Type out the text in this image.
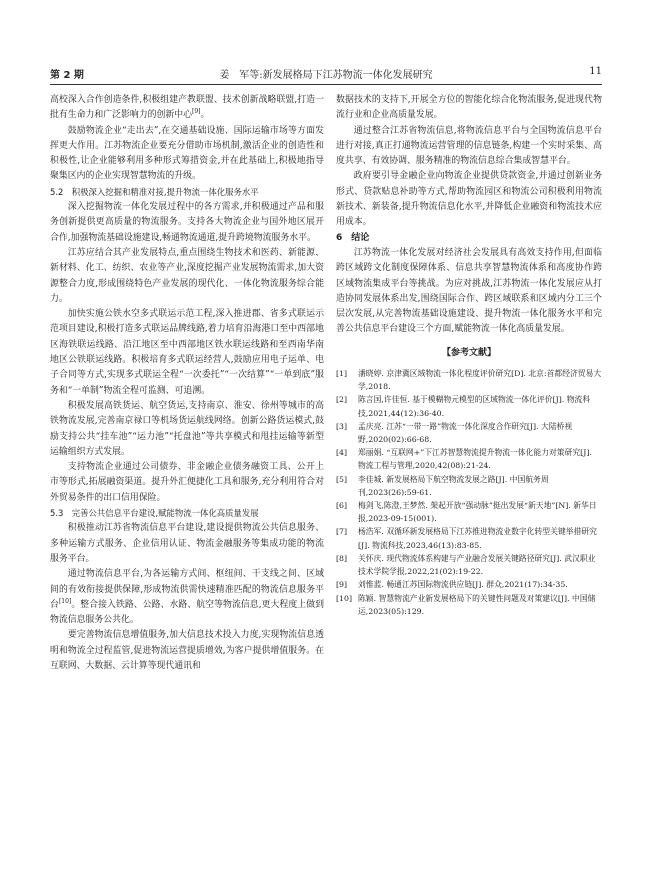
第 2 期	姜　军等:新发展格局下江苏物流一体化发展研究	11

高校深入合作创造条件,积极组建产教联盟、技术创新战略联盟,打造一批有生命力和广泛影响力的创新中心[9]。

鼓励物流企业“走出去”,在交通基础设施、国际运输市场等方面发挥更大作用。江苏物流企业要充分借助市场机制,激活企业的创造性和积极性,让企业能够利用多种形式筹措资金,并在此基础上,积极地指导聚集区内的企业实现智慧物流的升级。

5.2　积极深入挖掘和精准对接,提升物流一体化服务水平

深入挖掘物流一体化发展过程中的各方需求,并积极通过产品和服务创新提供更高质量的物流服务。支持各大物流企业与国外地区展开合作,加强物流基础设施建设,畅通物流通道,提升跨境物流服务水平。

江苏应结合其产业发展特点,重点围绕生物技术和医药、新能源、新材料、化工、纺织、农业等产业,深度挖掘产业发展物流需求,加大资源整合力度,形成围绕特色产业发展的现代化、一体化物流服务综合能力。

加快实施公铁水空多式联运示范工程,深入推进郡、省多式联运示范项目建设,积极打造多式联运品牌线路,着力培育沿海港口至中西部地区海铁联运线路、沿江地区至中西部地区铁水联运线路和至西南华南地区公铁联运线路。积极培育多式联运经营人,鼓励应用电子运单、电子合同等方式,实现多式联运全程“一次委托”“一次结算”“一单到底”服务和“一单制”物流全程可监测、可追溯。

积极发展高铁货运、航空货运,支持南京、淮安、徐州等城市的高铁物流发展,完善南京禄口等机场货运航线网络。创新公路货运模式,鼓励支持公共“挂车池”“运力池”“托盘池”等共享模式和甩挂运输等新型运输组织方式发展。

支持物流企业通过公司债券、非金融企业债务融资工具、公开上市等形式,拓展融资渠道。提升外汇便捷化工具和服务,充分利用符合对外贸易条件的出口信用保险。

5.3　完善公共信息平台建设,赋能物流一体化高质量发展

积极推动江苏省物流信息平台建设,建设提供物流公共信息服务、多种运输方式服务、企业信用认证、物流金融服务等集成功能的物流服务平台。

通过物流信息平台,为各运输方式间、枢纽间、干支线之间、区域间的有效衔接提供保障,形成物流供需快速精准匹配的物流信息服务平台[10]。整合接入铁路、公路、水路、航空等物流信息,更大程度上做到物流信息服务公共化。

要完善物流信息增值服务,加大信息技术投入力度,实现物流信息透明和物流全过程监管,促进物流运营提质增效,为客户提供增值服务。在互联网、大数据、云计算等现代通讯和

数据技术的支持下,开展全方位的智能化综合化物流服务,促进现代物流行业和企业高质量发展。

通过整合江苏省物流信息,将物流信息平台与全国物流信息平台进行对接,真正打通物流运营管理的信息链条,构建一个实时采集、高度共享、有效协调、服务精准的物流信息综合集成智慧平台。

政府要引导金融企业向物流企业提供贷款资金,并通过创新业务形式、贷款贴息补助等方式,帮助物流园区和物流公司积极利用物流新技术、新装备,提升物流信息化水平,并降低企业融资和物流技术应用成本。

6　结论

江苏物流一体化发展对经济社会发展具有高效支持作用,但面临跨区域跨文化制度保障体系、信息共享智慧物流体系和高度协作跨区域物流集成平台等挑战。为应对挑战,江苏物流一体化发展应从打造协同发展体系出发,围绕国际合作、跨区域联系和区域内分工三个层次发展,从完善物流基础设施建设、提升物流一体化服务水平和完善公共信息平台建设三个方面,赋能物流一体化高质量发展。

【参考文献】
[1] 潘晓婷. 京津冀区域物流一体化程度评价研究[D]. 北京:首都经济贸易大学,2018.
[2] 陈言国,许佳恒. 基于模糊物元模型的区域物流一体化评价[J]. 物流科技,2021,44(12):36-40.
[3] 孟庆亮. 江苏“一带一路”物流一体化深度合作研究[J]. 大陆桥视野,2020(02):66-68.
[4] 郑丽娟. “互联网+”下江苏智慧物流提升物流一体化能力对策研究[J]. 物流工程与管理,2020,42(08):21-24.
[5] 李佳城. 新发展格局下航空物流发展之路[J]. 中国航务周刊,2023(26):59-61.
[6] 梅剑飞,陈澄,王梦然. 架起开放“强动脉”挺出发展“新天地”[N]. 新华日报,2023-09-15(001).
[7] 杨浩军. 双循环新发展格局下江苏推进物流业数字化转型关键举措研究[J]. 物流科技,2023,46(13):83-85.
[8] 关怀庆. 现代物流体系构建与产业融合发展关键路径研究[J]. 武汉职业技术学院学报,2022,21(02):19-22.
[9] 刘惟蓝. 畅通江苏国际物流供应链[J]. 群众,2021(17):34-35.
[10] 陈颖. 智慧物流产业新发展格局下的关键性问题及对策建议[J]. 中国储运,2023(05):129.
